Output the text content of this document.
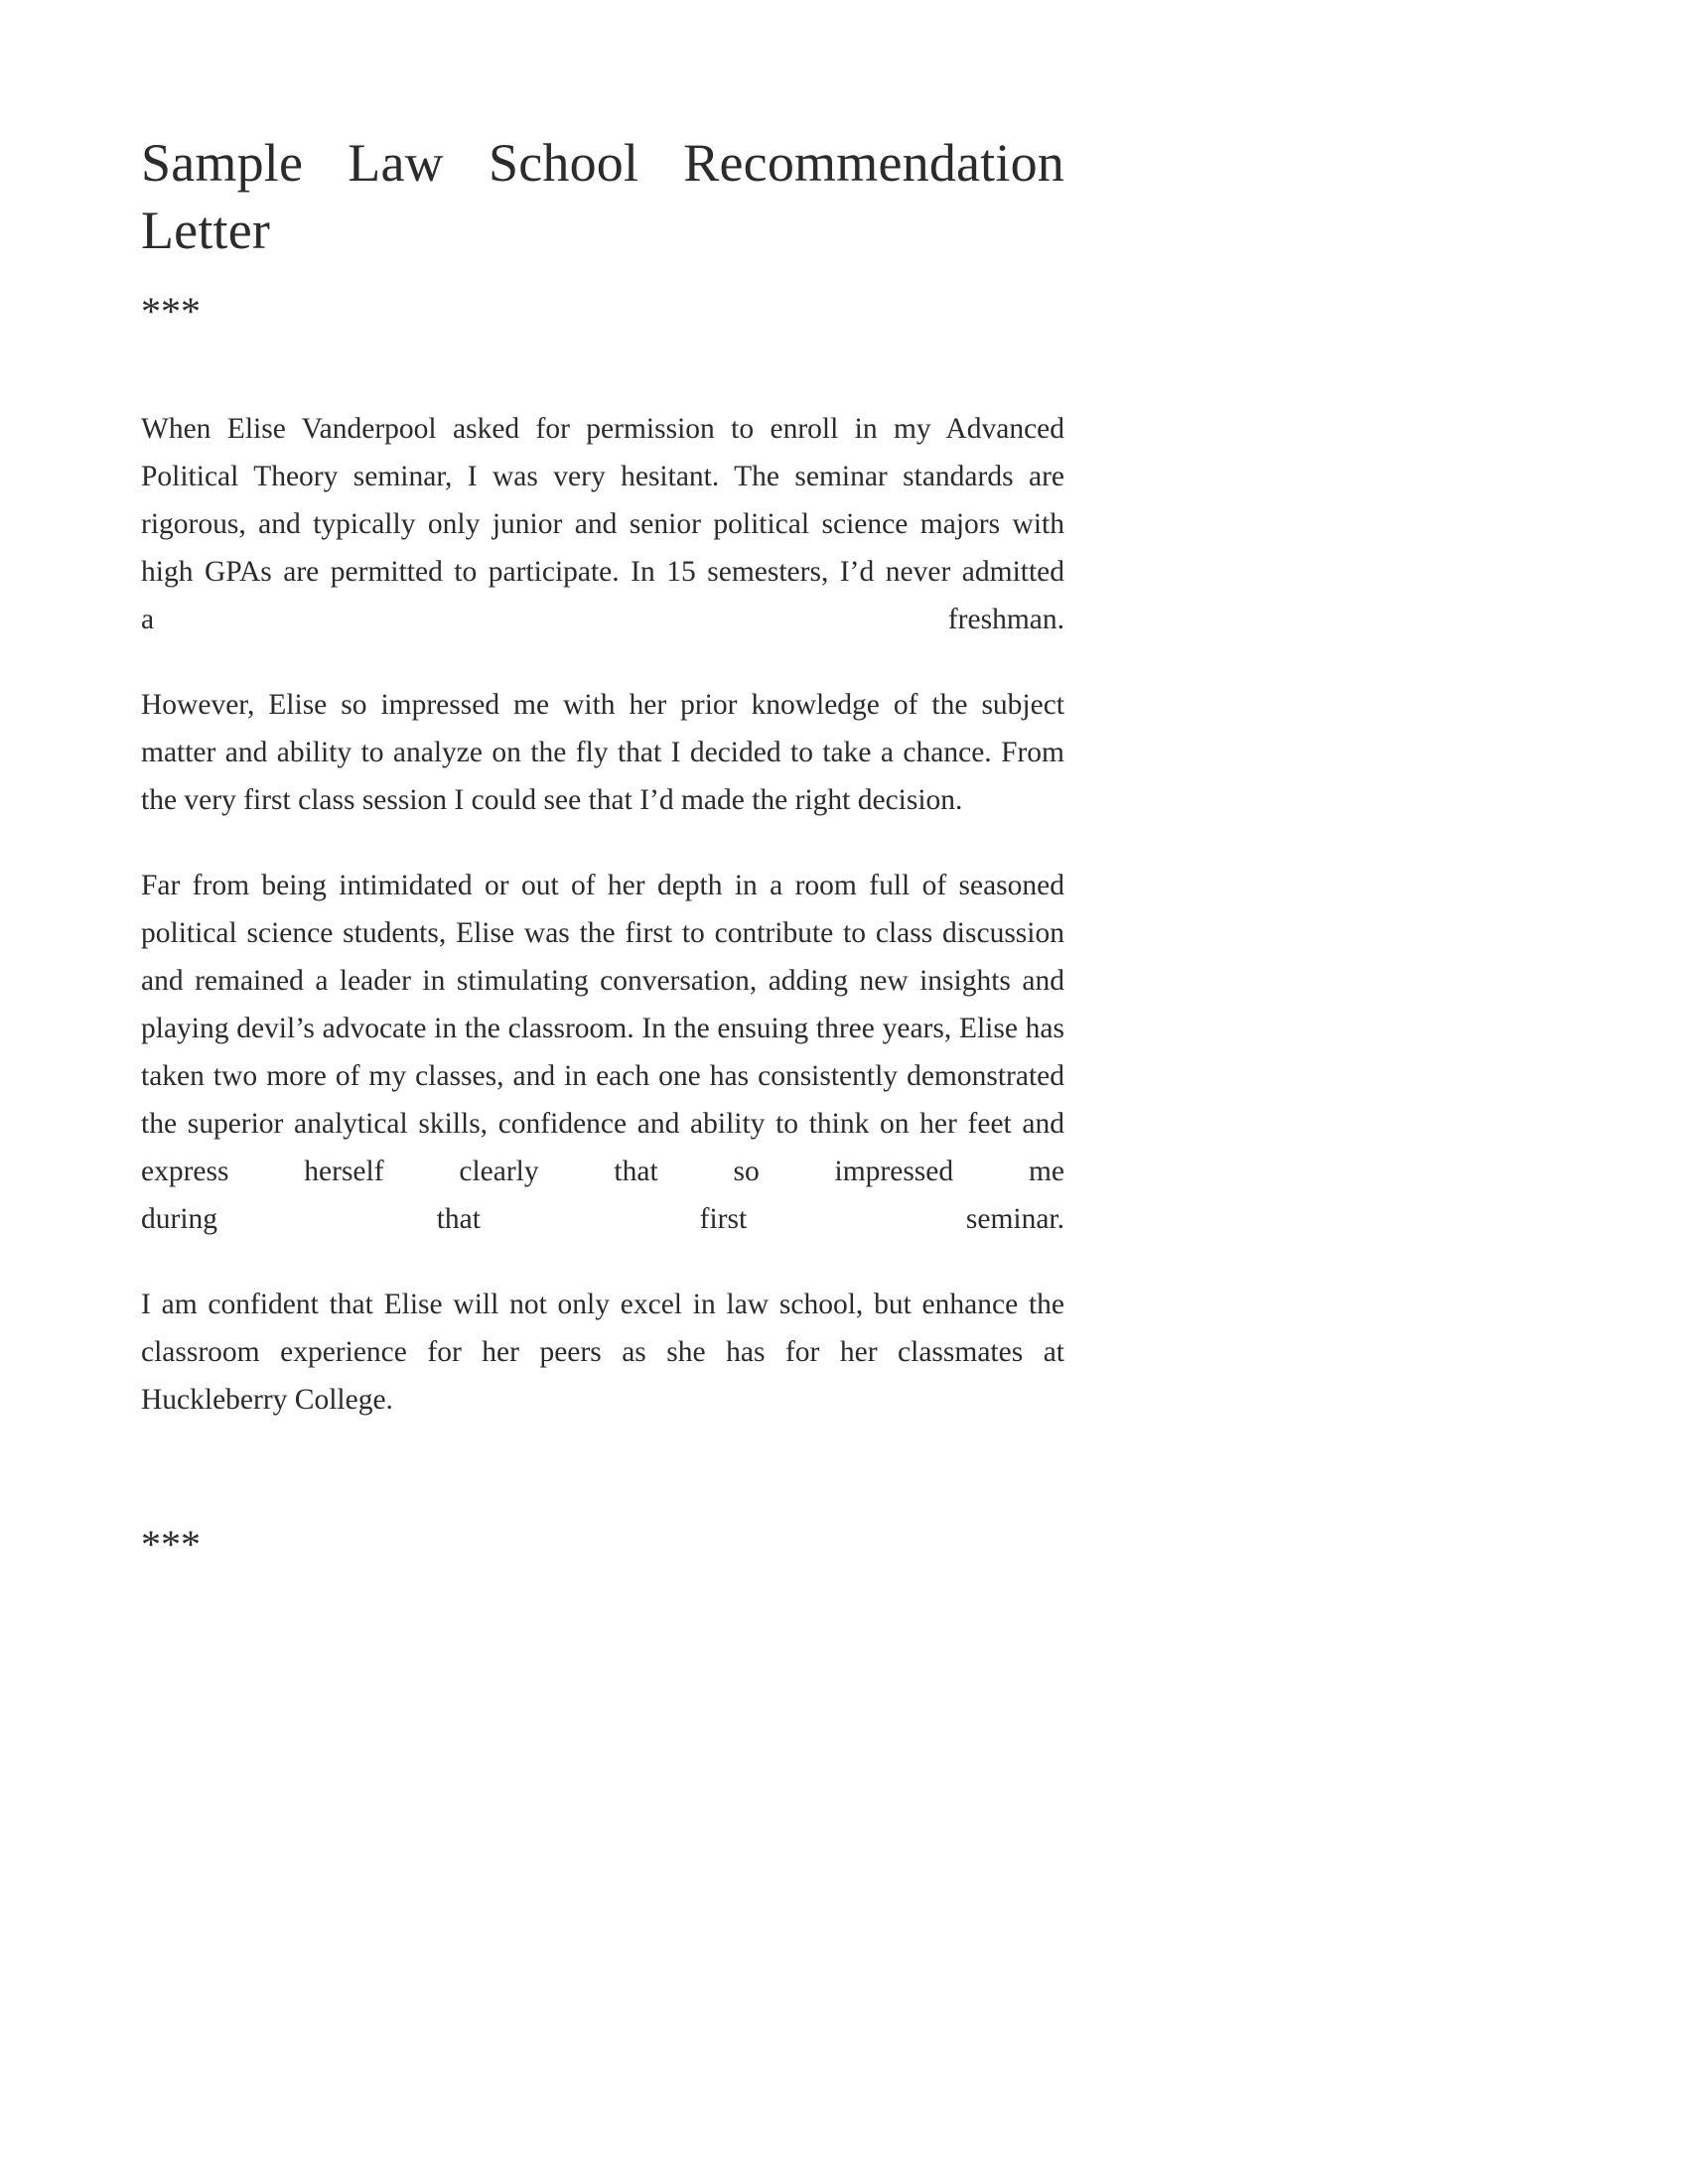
Sample Law School Recommendation
Letter
***

When Elise Vanderpool asked for permission to enroll in my Advanced Political Theory seminar, I was very hesitant. The seminar standards are rigorous, and typically only junior and senior political science majors with high GPAs are permitted to participate. In 15 semesters, I’d never admitted
a	freshman.

However, Elise so impressed me with her prior knowledge of the subject matter and ability to analyze on the fly that I decided to take a chance. From the very first class session I could see that I’d made the right decision.

Far from being intimidated or out of her depth in a room full of seasoned political science students, Elise was the first to contribute to class discussion and remained a leader in stimulating conversation, adding new insights and playing devil’s advocate in the classroom. In the ensuing three years, Elise has taken two more of my classes, and in each one has consistently demonstrated the superior analytical skills, confidence and ability to think on her feet and express herself clearly that so impressed me
during	that	first	seminar.

I am confident that Elise will not only excel in law school, but enhance the classroom experience for her peers as she has for her classmates at Huckleberry College.

***
